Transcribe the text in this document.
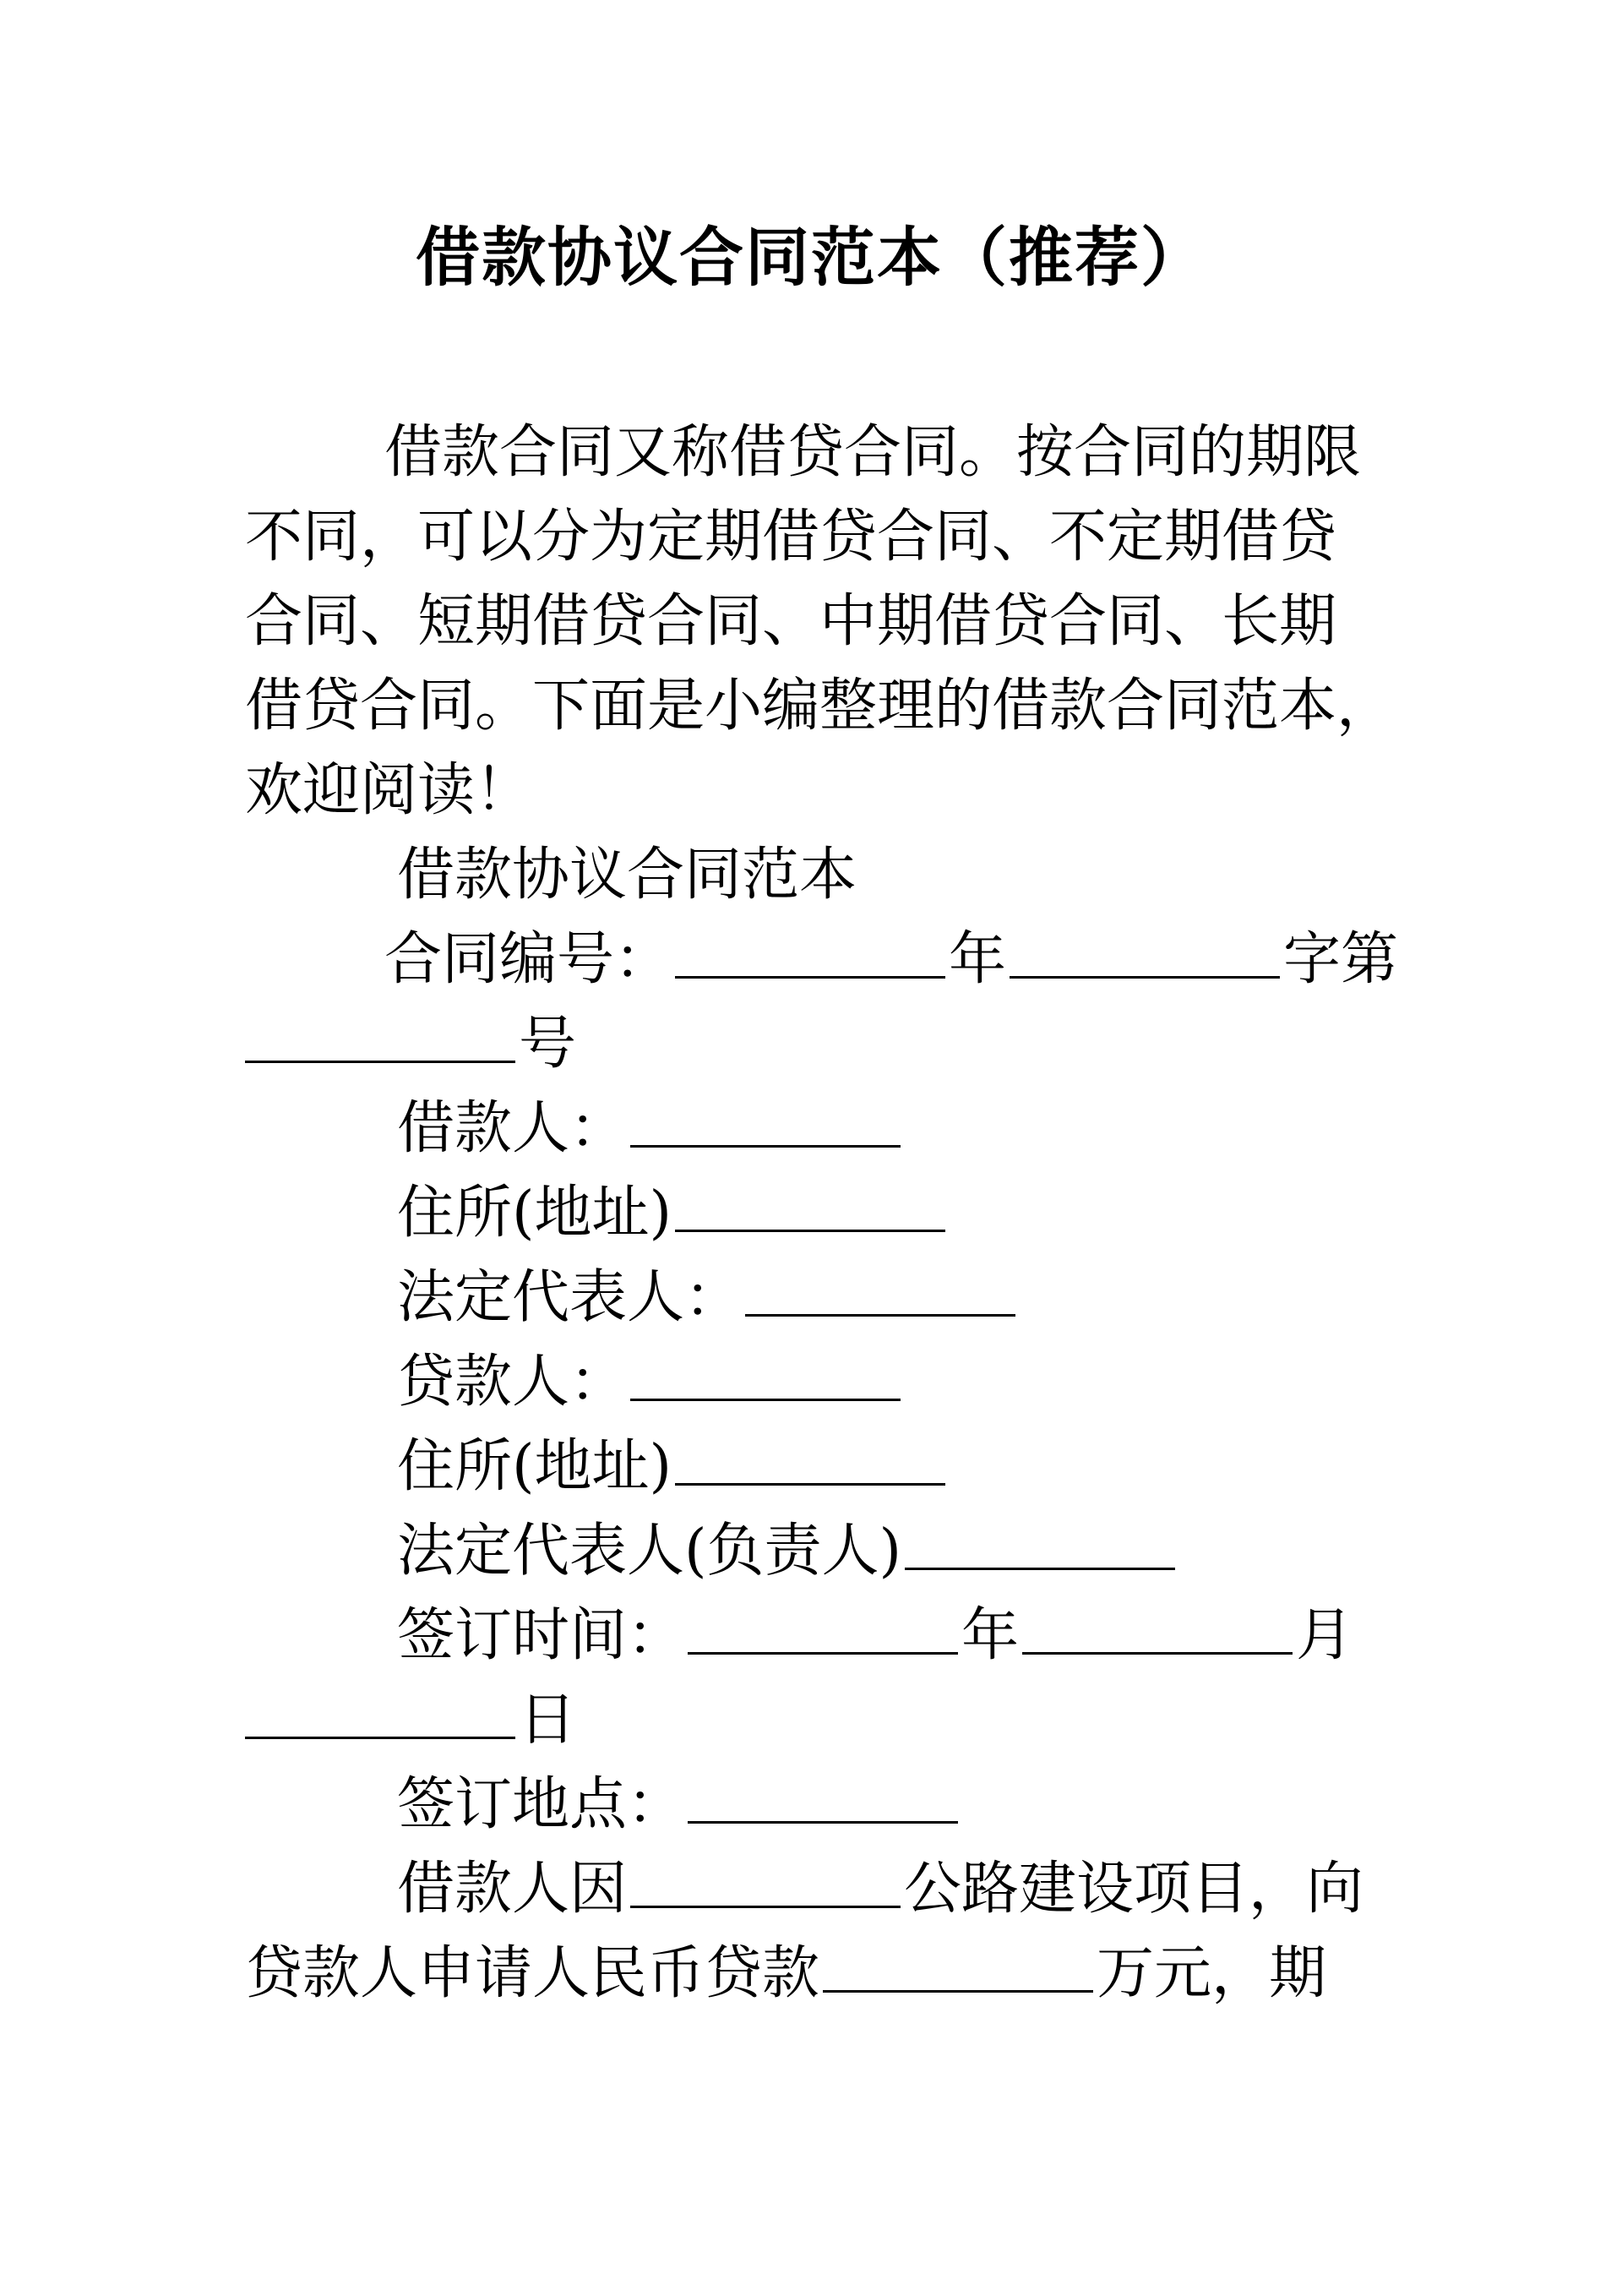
借款协议合同范本（推荐）
借款合同又称借贷合同。按合同的期限
不同，可以分为定期借贷合同、不定期借贷
合同、短期借贷合同、中期借贷合同、长期
借贷合同。下面是小编整理的借款合同范本，
欢迎阅读！
借款协议合同范本
合同编号：	年	字第
号
借款人：
住所(地址)
法定代表人：
贷款人：
住所(地址)
法定代表人(负责人)
签订时间：	年	月
日
签订地点：
借款人因	公路建设项目，向
贷款人申请人民币贷款	万元，期
